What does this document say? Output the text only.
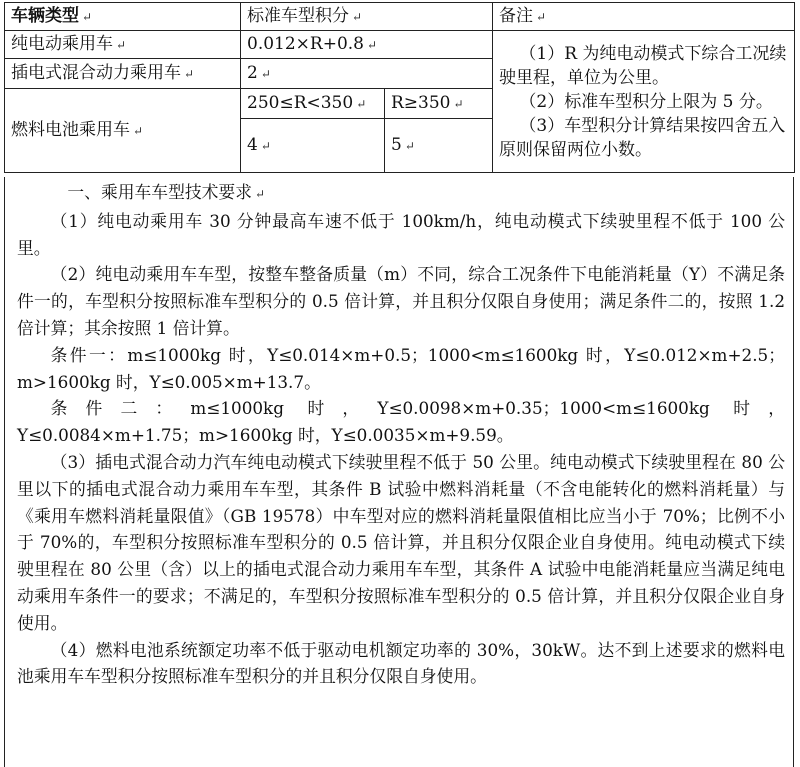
车辆类型 ↵	标准车型积分 ↵		备注 ↵
纯电动乘用车 ↵	0.012×R+0.8 ↵		（1）R 为纯电动模式下综合工况续驶里程，单位为公里。

（2）标准车型积分上限为 5 分。

（3）车型积分计算结果按四舍五入原则保留两位小数。

插电式混合动力乘用车 ↵	2 ↵		
燃料电池乘用车 ↵	250≤R<350 ↵	R≥350 ↵	
	4 ↵	5 ↵	

一、乘用车车型技术要求 ↵

（1）纯电动乘用车 30 分钟最高车速不低于 100km/h，纯电动模式下续驶里程不低于 100 公里。

（2）纯电动乘用车车型，按整车整备质量（m）不同，综合工况条件下电能消耗量（Y）不满足条件一的，车型积分按照标准车型积分的 0.5 倍计算，并且积分仅限自身使用；满足条件二的，按照 1.2 倍计算；其余按照 1 倍计算。

条件一：m≤1000kg 时，Y≤0.014×m+0.5；1000<m≤1600kg 时，Y≤0.012×m+2.5；m>1600kg 时，Y≤0.005×m+13.7。

条件二：m≤1000kg 时，Y≤0.0098×m+0.35；1000<m≤1600kg 时，Y≤0.0084×m+1.75；m>1600kg 时，Y≤0.0035×m+9.59。

（3）插电式混合动力汽车纯电动模式下续驶里程不低于 50 公里。纯电动模式下续驶里程在 80 公里以下的插电式混合动力乘用车车型，其条件 B 试验中燃料消耗量（不含电能转化的燃料消耗量）与《乘用车燃料消耗量限值》（GB 19578）中车型对应的燃料消耗量限值相比应当小于 70%；比例不小于 70%的，车型积分按照标准车型积分的 0.5 倍计算，并且积分仅限企业自身使用。纯电动模式下续驶里程在 80 公里（含）以上的插电式混合动力乘用车车型，其条件 A 试验中电能消耗量应当满足纯电动乘用车条件一的要求；不满足的，车型积分按照标准车型积分的 0.5 倍计算，并且积分仅限企业自身使用。

（4）燃料电池系统额定功率不低于驱动电机额定功率的 30%，30kW。达不到上述要求的燃料电池乘用车车型积分按照标准车型积分的并且积分仅限自身使用。
